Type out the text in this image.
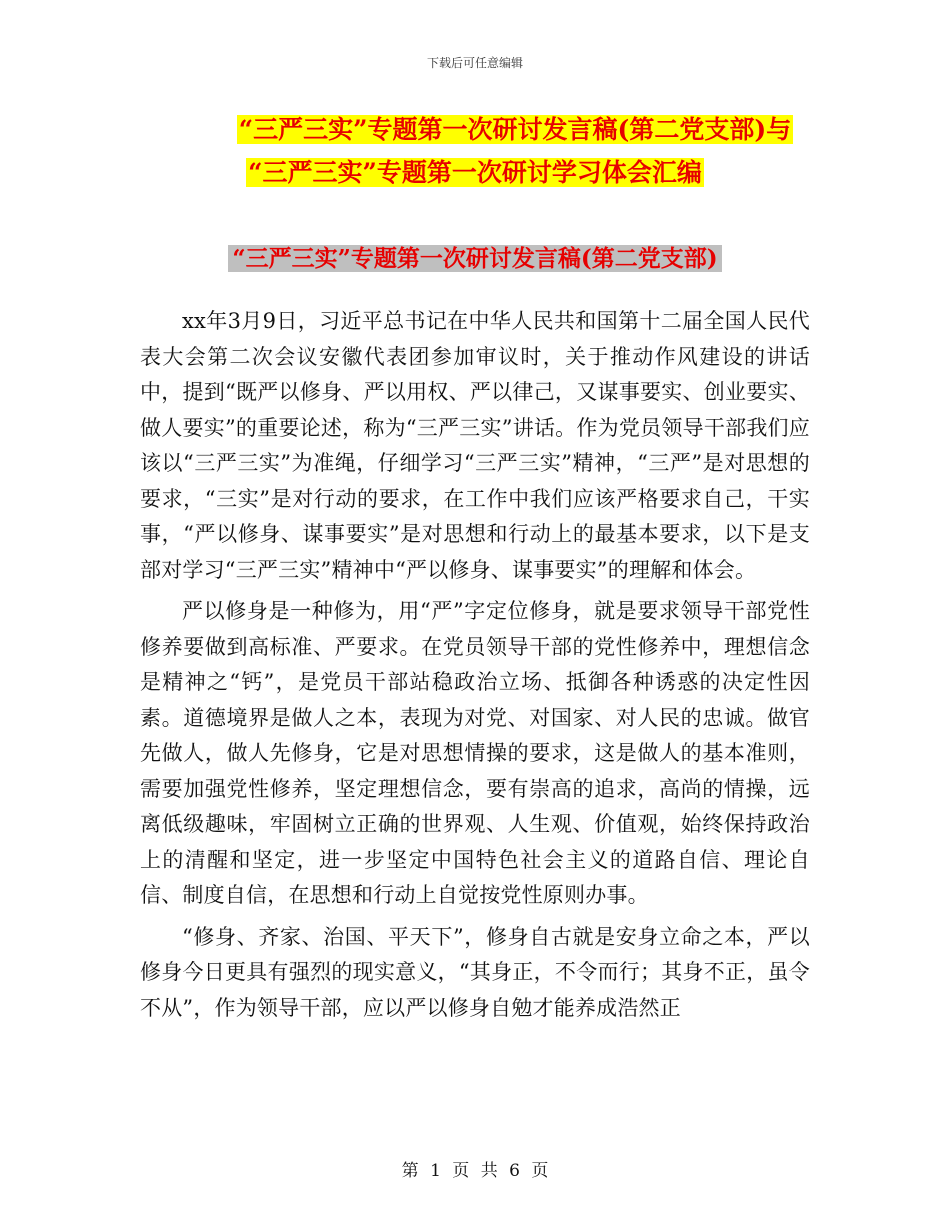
下载后可任意编辑
“三严三实”专题第一次研讨发言稿(第二党支部)与
“三严三实”专题第一次研讨学习体会汇编
“三严三实”专题第一次研讨发言稿(第二党支部)

xx年3月9日，习近平总书记在中华人民共和国第十二届全国人民代表大会第二次会议安徽代表团参加审议时，关于推动作风建设的讲话中，提到“既严以修身、严以用权、严以律己，又谋事要实、创业要实、做人要实”的重要论述，称为“三严三实”讲话。作为党员领导干部我们应该以“三严三实”为准绳，仔细学习“三严三实”精神，“三严”是对思想的要求，“三实”是对行动的要求，在工作中我们应该严格要求自己，干实事，“严以修身、谋事要实”是对思想和行动上的最基本要求，以下是支部对学习“三严三实”精神中“严以修身、谋事要实”的理解和体会。

严以修身是一种修为，用“严”字定位修身，就是要求领导干部党性修养要做到高标准、严要求。在党员领导干部的党性修养中，理想信念是精神之“钙”，是党员干部站稳政治立场、抵御各种诱惑的决定性因素。道德境界是做人之本，表现为对党、对国家、对人民的忠诚。做官先做人，做人先修身，它是对思想情操的要求，这是做人的基本准则，需要加强党性修养，坚定理想信念，要有崇高的追求，高尚的情操，远离低级趣味，牢固树立正确的世界观、人生观、价值观，始终保持政治上的清醒和坚定，进一步坚定中国特色社会主义的道路自信、理论自信、制度自信，在思想和行动上自觉按党性原则办事。

“修身、齐家、治国、平天下”，修身自古就是安身立命之本，严以修身今日更具有强烈的现实意义，“其身正，不令而行；其身不正，虽令不从”，作为领导干部，应以严以修身自勉才能养成浩然正

第 1 页 共 6 页
